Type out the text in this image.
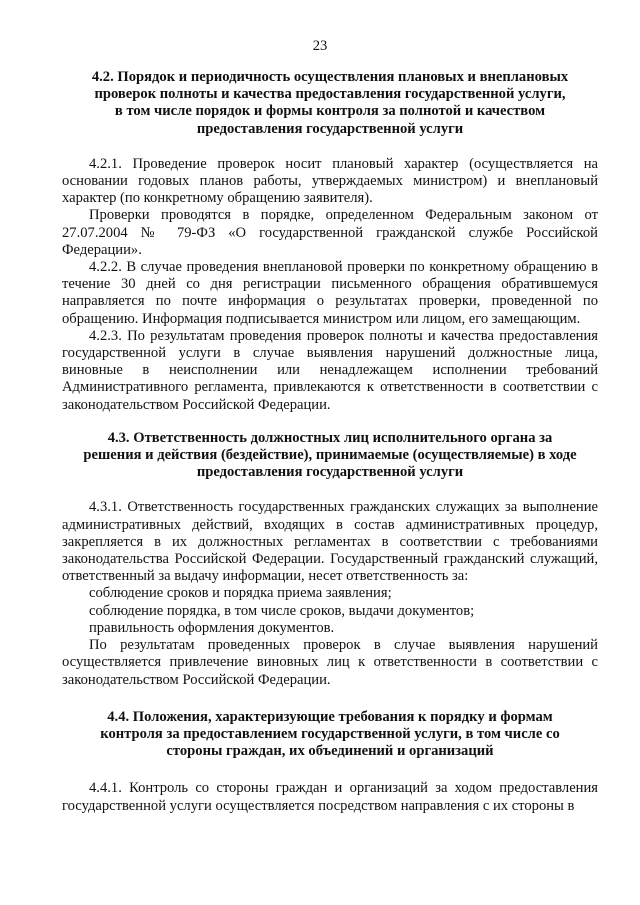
23
4.2. Порядок и периодичность осуществления плановых и внеплановых
проверок полноты и качества предоставления государственной услуги,
в том числе порядок и формы контроля за полнотой и качеством
предоставления государственной услуги

4.2.1. Проведение проверок носит плановый характер (осуществляется на основании годовых планов работы, утверждаемых министром) и внеплановый характер (по конкретному обращению заявителя).

Проверки проводятся в порядке, определенном Федеральным законом от 27.07.2004 № 79-ФЗ «О государственной гражданской службе Российской Федерации».

4.2.2. В случае проведения внеплановой проверки по конкретному обращению в течение 30 дней со дня регистрации письменного обращения обратившемуся направляется по почте информация о результатах проверки, проведенной по обращению. Информация подписывается министром или лицом, его замещающим.

4.2.3. По результатам проведения проверок полноты и качества предоставления государственной услуги в случае выявления нарушений должностные лица, виновные в неисполнении или ненадлежащем исполнении требований Административного регламента, привлекаются к ответственности в соответствии с законодательством Российской Федерации.

4.3. Ответственность должностных лиц исполнительного органа за
решения и действия (бездействие), принимаемые (осуществляемые) в ходе
предоставления государственной услуги

4.3.1. Ответственность государственных гражданских служащих за выполнение административных действий, входящих в состав административных процедур, закрепляется в их должностных регламентах в соответствии с требованиями законодательства Российской Федерации. Государственный гражданский служащий, ответственный за выдачу информации, несет ответственность за:

соблюдение сроков и порядка приема заявления;

соблюдение порядка, в том числе сроков, выдачи документов;

правильность оформления документов.

По результатам проведенных проверок в случае выявления нарушений осуществляется привлечение виновных лиц к ответственности в соответствии с законодательством Российской Федерации.

4.4. Положения, характеризующие требования к порядку и формам
контроля за предоставлением государственной услуги, в том числе со
стороны граждан, их объединений и организаций

4.4.1. Контроль со стороны граждан и организаций за ходом предоставления государственной услуги осуществляется посредством направления с их стороны в
